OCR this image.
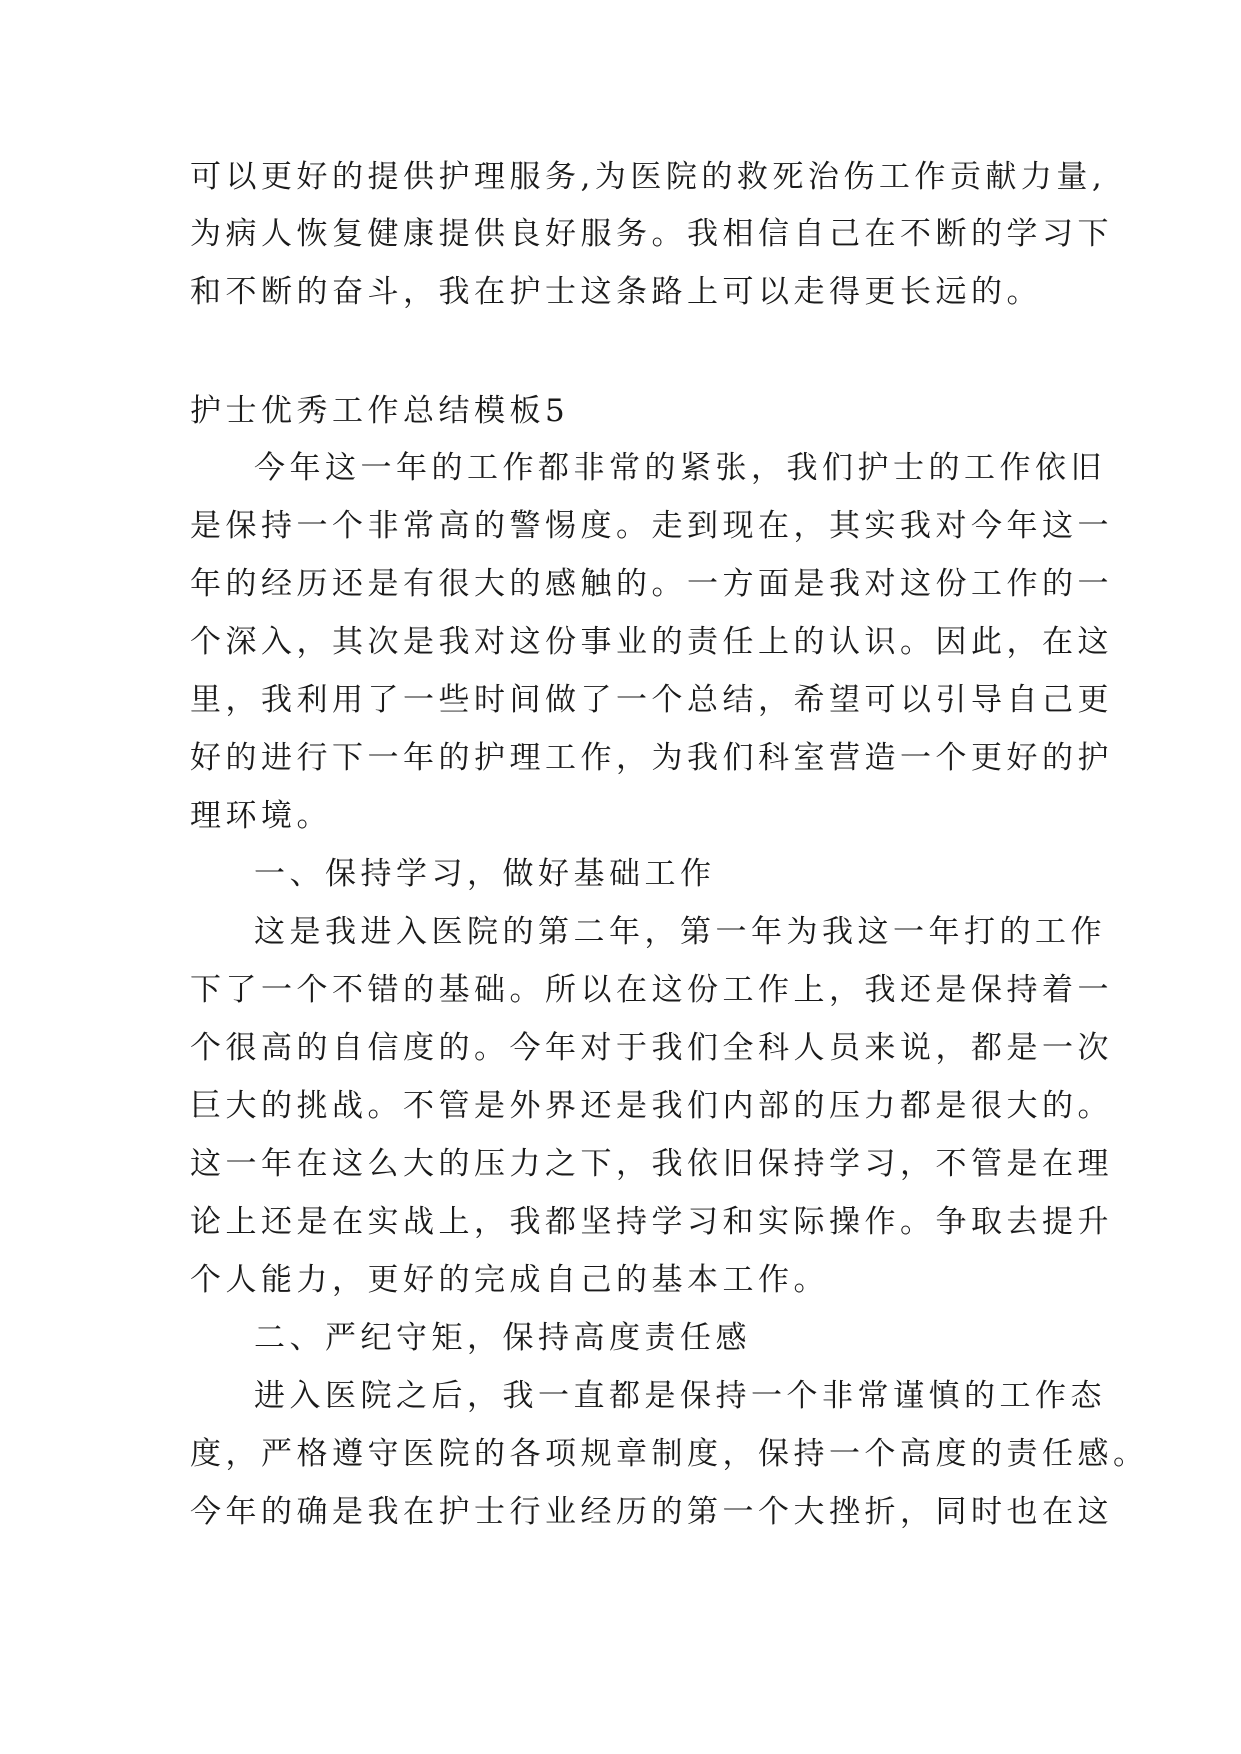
可以更好的提供护理服务,为医院的救死治伤工作贡献力量,
为病人恢复健康提供良好服务。我相信自己在不断的学习下
和不断的奋斗，我在护士这条路上可以走得更长远的。
护士优秀工作总结模板5
今年这一年的工作都非常的紧张，我们护士的工作依旧
是保持一个非常高的警惕度。走到现在，其实我对今年这一
年的经历还是有很大的感触的。一方面是我对这份工作的一
个深入，其次是我对这份事业的责任上的认识。因此，在这
里，我利用了一些时间做了一个总结，希望可以引导自己更
好的进行下一年的护理工作，为我们科室营造一个更好的护
理环境。
一、保持学习，做好基础工作
这是我进入医院的第二年，第一年为我这一年打的工作
下了一个不错的基础。所以在这份工作上，我还是保持着一
个很高的自信度的。今年对于我们全科人员来说，都是一次
巨大的挑战。不管是外界还是我们内部的压力都是很大的。
这一年在这么大的压力之下，我依旧保持学习，不管是在理
论上还是在实战上，我都坚持学习和实际操作。争取去提升
个人能力，更好的完成自己的基本工作。
二、严纪守矩，保持高度责任感
进入医院之后，我一直都是保持一个非常谨慎的工作态
度，严格遵守医院的各项规章制度，保持一个高度的责任感。
今年的确是我在护士行业经历的第一个大挫折，同时也在这
